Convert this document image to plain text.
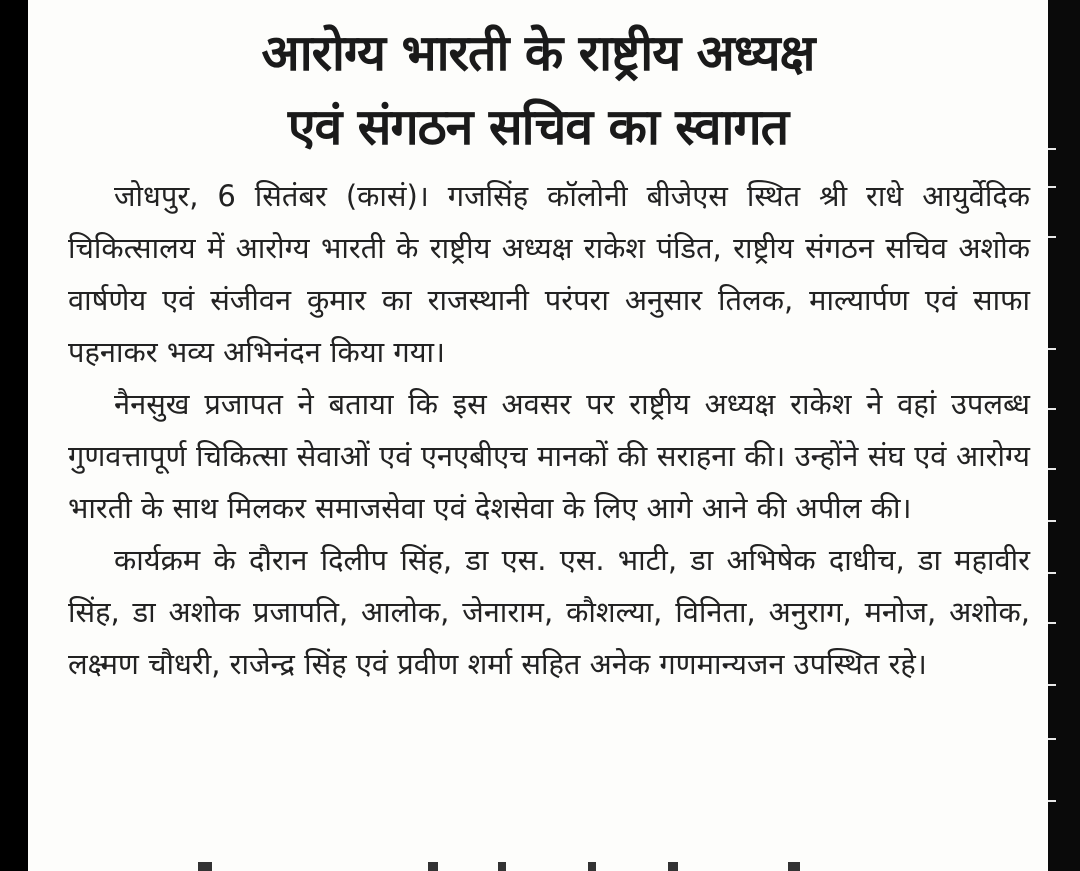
आरोग्य भारती के राष्ट्रीय अध्यक्ष
एवं संगठन सचिव का स्वागत

जोधपुर, 6 सितंबर (कासं)। गजसिंह कॉलोनी बीजेएस स्थित श्री राधे आयुर्वेदिक चिकित्सालय में आरोग्य भारती के राष्ट्रीय अध्यक्ष राकेश पंडित, राष्ट्रीय संगठन सचिव अशोक वार्षणेय एवं संजीवन कुमार का राजस्थानी परंपरा अनुसार तिलक, माल्यार्पण एवं साफा पहनाकर भव्य अभिनंदन किया गया।

नैनसुख प्रजापत ने बताया कि इस अवसर पर राष्ट्रीय अध्यक्ष राकेश ने वहां उपलब्ध गुणवत्तापूर्ण चिकित्सा सेवाओं एवं एनएबीएच मानकों की सराहना की। उन्होंने संघ एवं आरोग्य भारती के साथ मिलकर समाजसेवा एवं देशसेवा के लिए आगे आने की अपील की।

कार्यक्रम के दौरान दिलीप सिंह, डा एस. एस. भाटी, डा अभिषेक दाधीच, डा महावीर सिंह, डा अशोक प्रजापति, आलोक, जेनाराम, कौशल्या, विनिता, अनुराग, मनोज, अशोक, लक्ष्मण चौधरी, राजेन्द्र सिंह एवं प्रवीण शर्मा सहित अनेक गणमान्यजन उपस्थित रहे।
